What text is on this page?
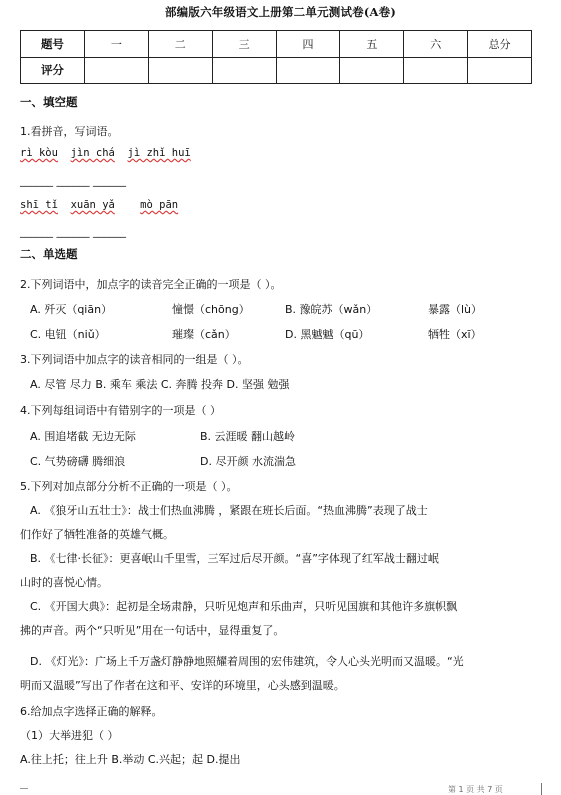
部编版六年级语文上册第二单元测试卷(A卷)
题号	一	二	三	四	五	六	总分
评分							
一、填空题
1.看拼音，写词语。
rì kòu jìn chá jì zhǐ huī
______ ______ ______
shī tǐ xuān yǎ mò pān
______ ______ ______
二、单选题
2.下列词语中，加点字的读音完全正确的一项是（ ）。
A. 歼灭（qiān）	憧憬（chōng）	B. 豫皖苏（wǎn）	暴露（lù）
C. 电钮（niǔ）	璀璨（cǎn）	D. 黑魆魆（qū）	牺牲（xī）
3.下列词语中加点字的读音相同的一组是（ ）。
A. 尽管 尽力 B. 乘车 乘法 C. 奔腾 投奔 D. 坚强 勉强
4.下列每组词语中有错别字的一项是（ ）
A. 围追堵截 无边无际	B. 云涯暖 翻山越岭
C. 气势磅礴 腾细浪	D. 尽开颜 水流湍急
5.下列对加点部分分析不正确的一项是（ ）。
A. 《狼牙山五壮士》：战士们热血沸腾 ，紧跟在班长后面。“热血沸腾”表现了战士
们作好了牺牲准备的英雄气概。
B. 《七律·长征》：更喜岷山千里雪，三军过后尽开颜。“喜”字体现了红军战士翻过岷
山时的喜悦心情。
C. 《开国大典》：起初是全场肃静，只听见炮声和乐曲声，只听见国旗和其他许多旗帜飘
拂的声音。两个“只听见”用在一句话中，显得重复了。
D. 《灯光》：广场上千万盏灯静静地照耀着周围的宏伟建筑，令人心头光明而又温暖。“光
明而又温暖”写出了作者在这和平、安详的环境里，心头感到温暖。
6.给加点字选择正确的解释。
（1）大举进犯（ ）
A.往上托；往上升 B.举动 C.兴起；起 D.提出
第 1 页 共 7 页
